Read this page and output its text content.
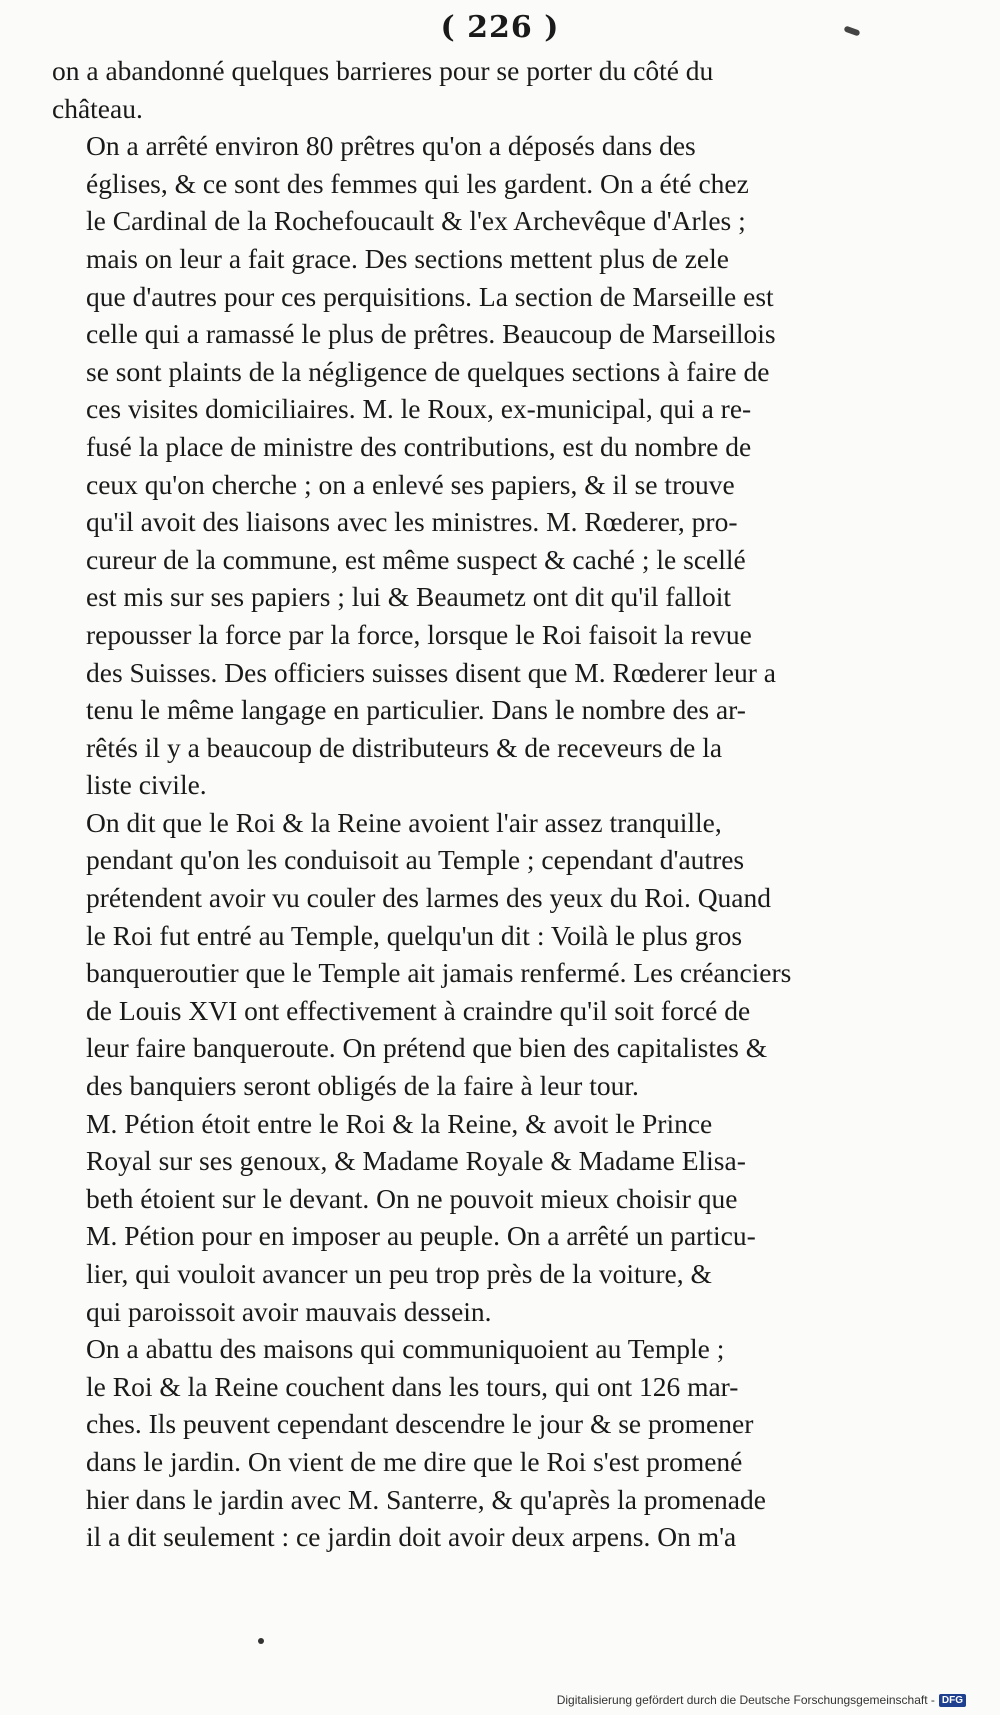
( 226 )

on a abandonné quelques barrieres pour se porter du côté du
château.

On a arrêté environ 80 prêtres qu'on a déposés dans des
églises, & ce sont des femmes qui les gardent. On a été chez
le Cardinal de la Rochefoucault & l'ex Archevêque d'Arles ;
mais on leur a fait grace. Des sections mettent plus de zele
que d'autres pour ces perquisitions. La section de Marseille est
celle qui a ramassé le plus de prêtres. Beaucoup de Marseillois
se sont plaints de la négligence de quelques sections à faire de
ces visites domiciliaires. M. le Roux, ex-municipal, qui a re-
fusé la place de ministre des contributions, est du nombre de
ceux qu'on cherche ; on a enlevé ses papiers, & il se trouve
qu'il avoit des liaisons avec les ministres. M. Rœderer, pro-
cureur de la commune, est même suspect & caché ; le scellé
est mis sur ses papiers ; lui & Beaumetz ont dit qu'il falloit
repousser la force par la force, lorsque le Roi faisoit la revue
des Suisses. Des officiers suisses disent que M. Rœderer leur a
tenu le même langage en particulier. Dans le nombre des ar-
rêtés il y a beaucoup de distributeurs & de receveurs de la
liste civile.

On dit que le Roi & la Reine avoient l'air assez tranquille,
pendant qu'on les conduisoit au Temple ; cependant d'autres
prétendent avoir vu couler des larmes des yeux du Roi. Quand
le Roi fut entré au Temple, quelqu'un dit : Voilà le plus gros
banqueroutier que le Temple ait jamais renfermé. Les créanciers
de Louis XVI ont effectivement à craindre qu'il soit forcé de
leur faire banqueroute. On prétend que bien des capitalistes &
des banquiers seront obligés de la faire à leur tour.

M. Pétion étoit entre le Roi & la Reine, & avoit le Prince
Royal sur ses genoux, & Madame Royale & Madame Elisa-
beth étoient sur le devant. On ne pouvoit mieux choisir que
M. Pétion pour en imposer au peuple. On a arrêté un particu-
lier, qui vouloit avancer un peu trop près de la voiture, &
qui paroissoit avoir mauvais dessein.

On a abattu des maisons qui communiquoient au Temple ;
le Roi & la Reine couchent dans les tours, qui ont 126 mar-
ches. Ils peuvent cependant descendre le jour & se promener
dans le jardin. On vient de me dire que le Roi s'est promené
hier dans le jardin avec M. Santerre, & qu'après la promenade
il a dit seulement : ce jardin doit avoir deux arpens. On m'a

Digitalisierung gefördert durch die Deutsche Forschungsgemeinschaft - DFG
